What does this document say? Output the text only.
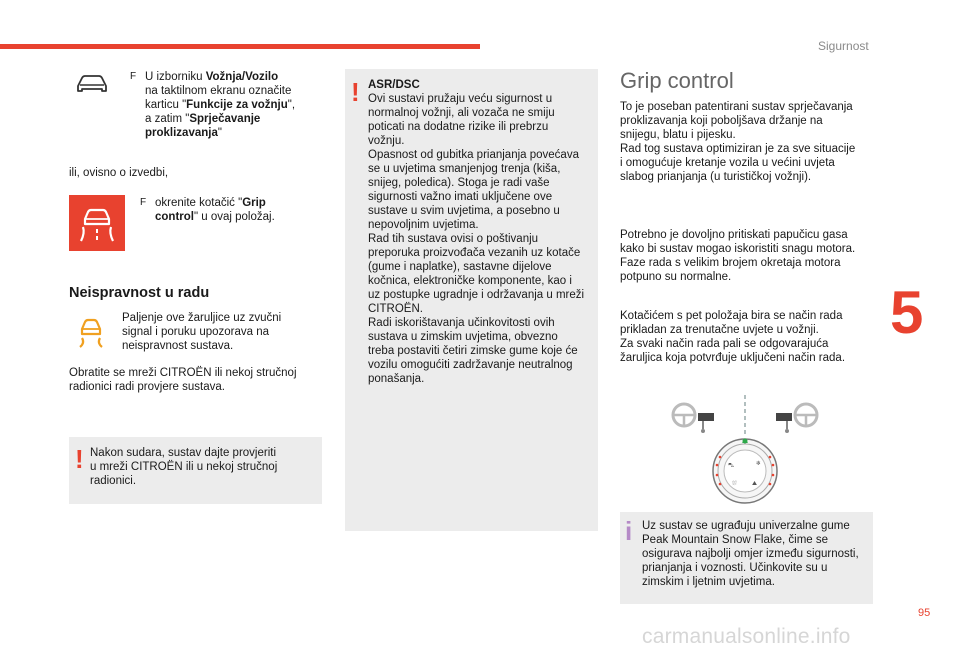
Sigurnost
5
95
carmanualsonline.info
F U izborniku Vožnja/Vozilo
na taktilnom ekranu označite
karticu "Funkcije za vožnju",
a zatim "Sprječavanje
proklizavanja"
ili, ovisno o izvedbi,
F okrenite kotačić "Grip
control" u ovaj položaj.
Neispravnost u radu
Paljenje ove žaruljice uz zvučni
signal i poruku upozorava na
neispravnost sustava.
Obratite se mreži CITROËN ili nekoj stručnoj
radionici radi provjere sustava.
! Nakon sudara, sustav dajte provjeriti
u mreži CITROËN ili u nekoj stručnoj
radionici.
! ASR/DSC
Ovi sustavi pružaju veću sigurnost u
normalnoj vožnji, ali vozača ne smiju
poticati na dodatne rizike ili prebrzu
vožnju.
Opasnost od gubitka prianjanja povećava
se u uvjetima smanjenjog trenja (kiša,
snijeg, poledica). Stoga je radi vaše
sigurnosti važno imati uključene ove
sustave u svim uvjetima, a posebno u
nepovoljnim uvjetima.
Rad tih sustava ovisi o poštivanju
preporuka proizvođača vezanih uz kotače
(gume i naplatke), sastavne dijelove
kočnica, elektroničke komponente, kao i
uz postupke ugradnje i održavanja u mreži
CITROËN.
Radi iskorištavanja učinkovitosti ovih
sustava u zimskim uvjetima, obvezno
treba postaviti četiri zimske gume koje će
vozilu omogućiti zadržavanje neutralnog
ponašanja.
Grip control
To je poseban patentirani sustav sprječavanja
proklizavanja koji poboljšava držanje na
snijegu, blatu i pijesku.
Rad tog sustava optimiziran je za sve situacije
i omogućuje kretanje vozila u većini uvjeta
slabog prianjanja (u turističkoj vožnji).
Potrebno je dovoljno pritiskati papučicu gasa
kako bi sustav mogao iskoristiti snagu motora.
Faze rada s velikim brojem okretaja motora
potpuno su normalne.
Kotačićem s pet položaja bira se način rada
prikladan za trenutačne uvjete u vožnji.
Za svaki način rada pali se odgovarajuća
žaruljica koja potvrđuje uključeni način rada.
⛍	❄
⛆	⛰
i Uz sustav se ugrađuju univerzalne gume
Peak Mountain Snow Flake, čime se
osigurava najbolji omjer između sigurnosti,
prianjanja i voznosti. Učinkovite su u
zimskim i ljetnim uvjetima.
